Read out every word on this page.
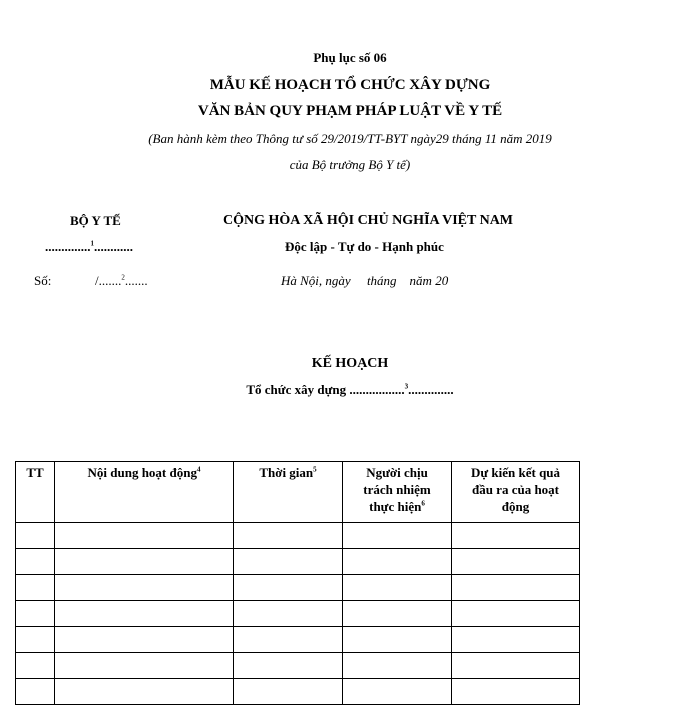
Phụ lục số 06
MẪU KẾ HOẠCH TỔ CHỨC XÂY DỰNG
VĂN BẢN QUY PHẠM PHÁP LUẬT VỀ Y TẾ
(Ban hành kèm theo Thông tư số 29/2019/TT-BYT ngày29 tháng 11 năm 2019
của Bộ trưởng Bộ Y tế)
BỘ Y TẾ
..............$^1$............
Số:	/.......$^2$.......
CỘNG HÒA XÃ HỘI CHỦ NGHĨA VIỆT NAM
Độc lập - Tự do - Hạnh phúc
Hà Nội, ngày     tháng    năm 20
KẾ HOẠCH
Tổ chức xây dựng .................$^3$..............
TT	Nội dung hoạt động$^4$	Thời gian$^5$	Người chịu trách nhiệm thực hiện$^6$	Dự kiến kết quả đầu ra của hoạt động
